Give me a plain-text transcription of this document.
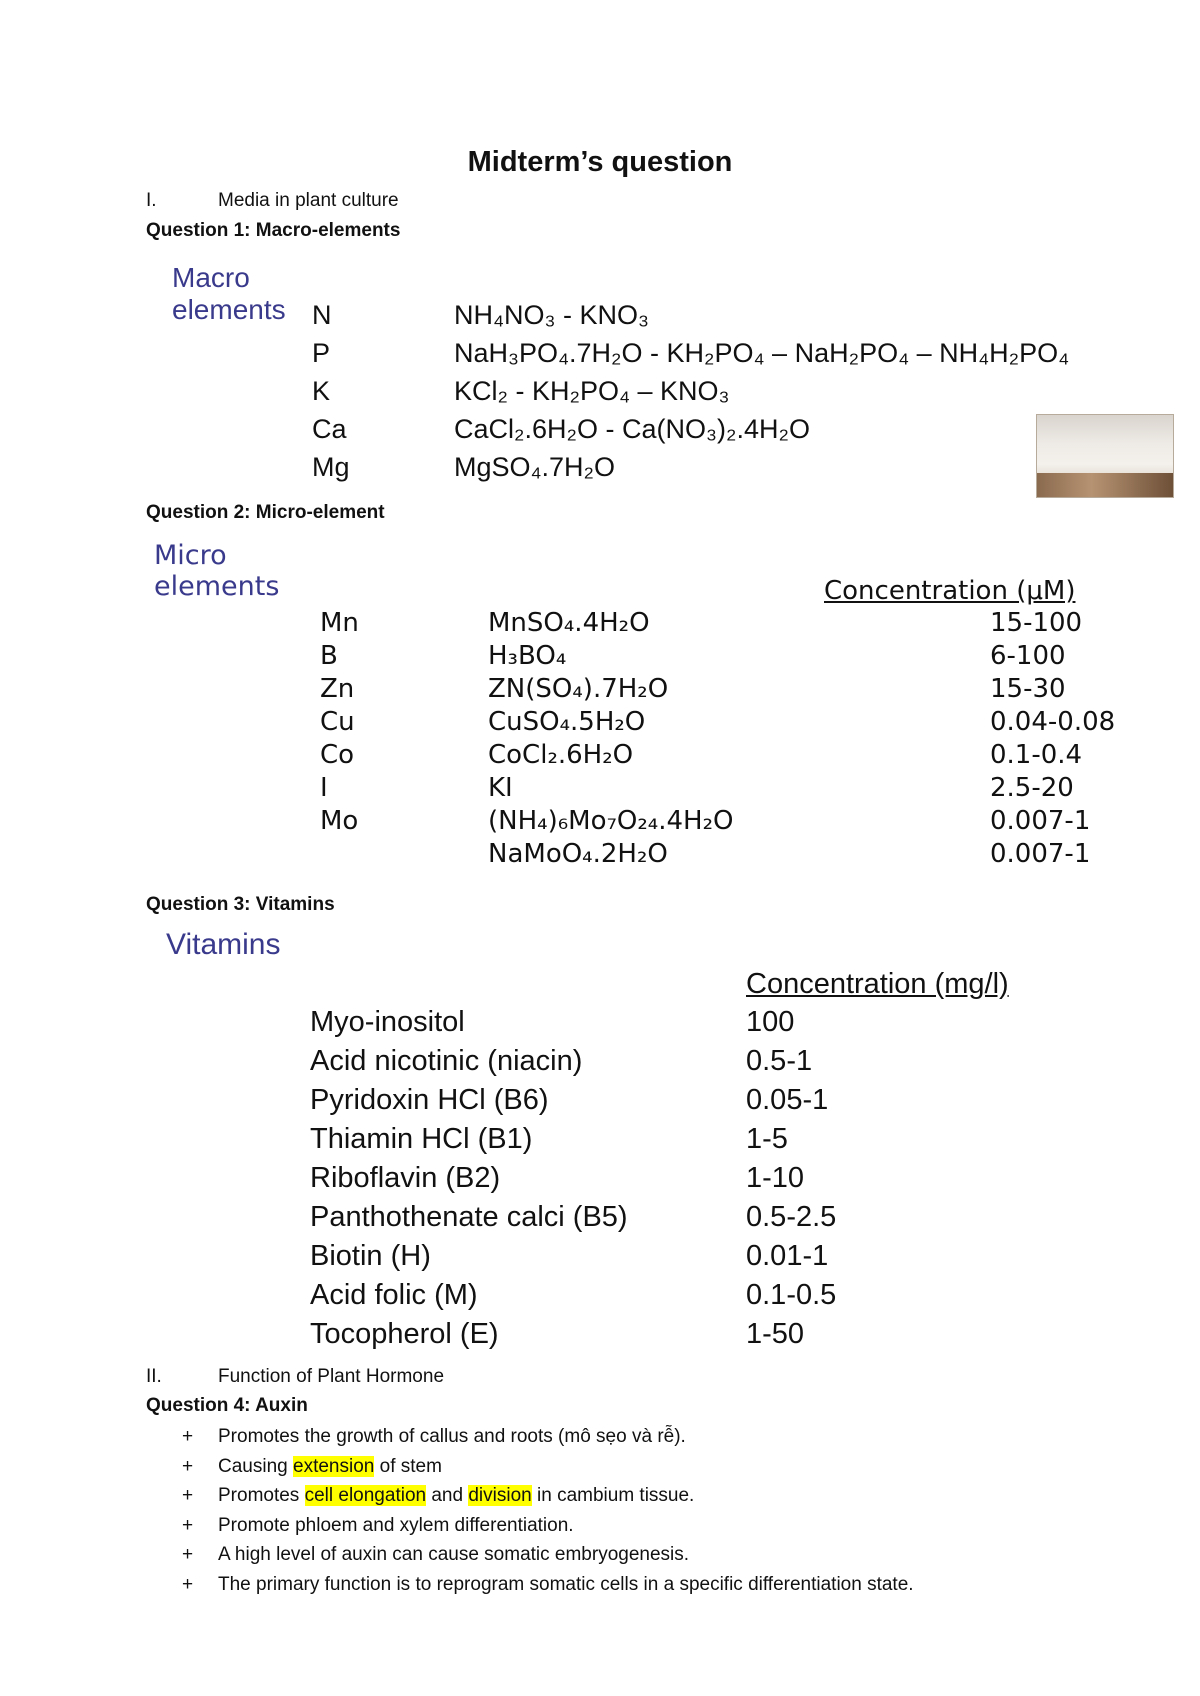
Midterm’s question
I.	Media in plant culture
Question 1: Macro-elements
Macro elements N	NH₄NO₃ - KNO₃
P	NaH₃PO₄.7H₂O - KH₂PO₄ – NaH₂PO₄ – NH₄H₂PO₄
K	KCl₂ - KH₂PO₄ – KNO₃
Ca	CaCl₂.6H₂O - Ca(NO₃)₂.4H₂O
Mg	MgSO₄.7H₂O
Question 2: Micro-element
Micro elements	Concentration (μM)
Mn	MnSO₄.4H₂O	15-100
B	H₃BO₄	6-100
Zn	ZN(SO₄).7H₂O	15-30
Cu	CuSO₄.5H₂O	0.04-0.08
Co	CoCl₂.6H₂O	0.1-0.4
I	KI	2.5-20
Mo	(NH₄)₆Mo₇O₂₄.4H₂O	0.007-1
NaMoO₄.2H₂O	0.007-1
Question 3: Vitamins
Vitamins
Concentration (mg/l)
Myo-inositol	100
Acid nicotinic (niacin)	0.5-1
Pyridoxin HCl (B6)	0.05-1
Thiamin HCl (B1)	1-5
Riboflavin (B2)	1-10
Panthothenate calci (B5)	0.5-2.5
Biotin (H)	0.01-1
Acid folic (M)	0.1-0.5
Tocopherol (E)	1-50
II.	Function of Plant Hormone
Question 4: Auxin
+ Promotes the growth of callus and roots (mô sẹo và rễ).
+ Causing extension of stem
+ Promotes cell elongation and division in cambium tissue.
+ Promote phloem and xylem differentiation.
+ A high level of auxin can cause somatic embryogenesis.
+ The primary function is to reprogram somatic cells in a specific differentiation state.
